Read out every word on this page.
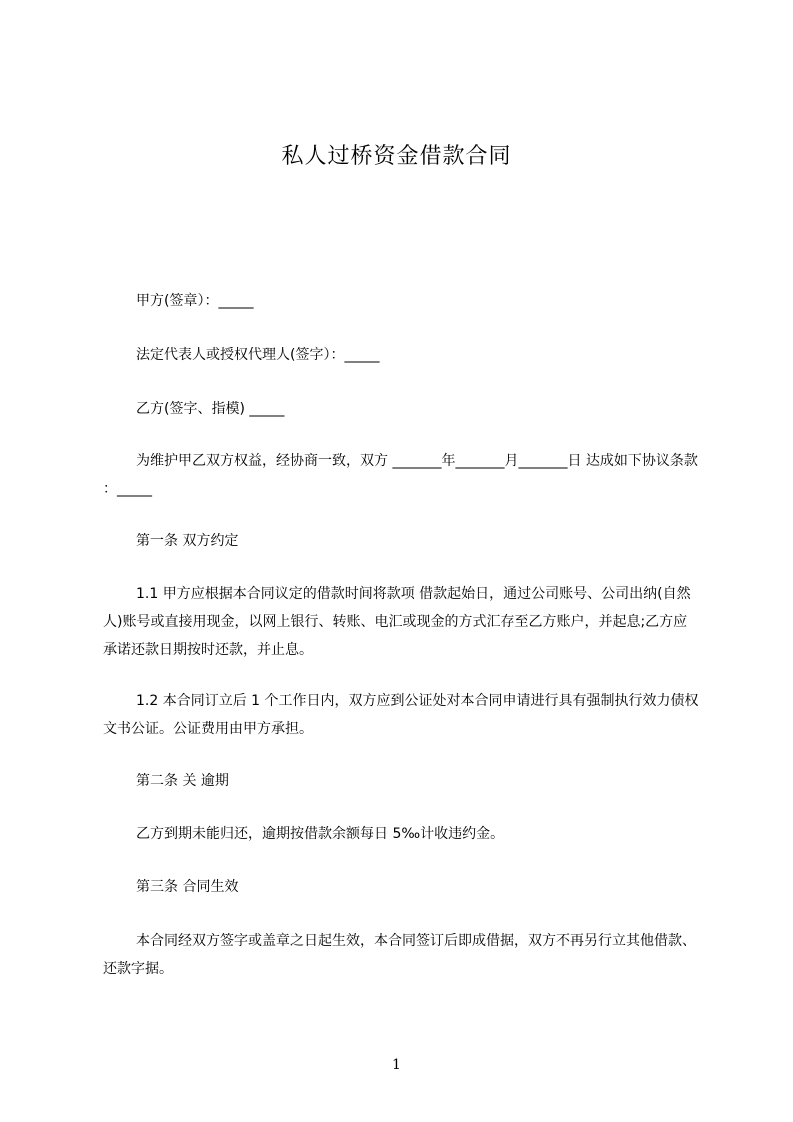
私人过桥资金借款合同
甲方(签章）：_____
法定代表人或授权代理人(签字）：_____
乙方(签字、指模) _____
为维护甲乙双方权益，经协商一致，双方 _______年_______月_______日 达成如下协议条款 ：_____
第一条 双方约定
1.1 甲方应根据本合同议定的借款时间将款项 借款起始日，通过公司账号、公司出纳(自然人)账号或直接用现金，以网上银行、转账、电汇或现金的方式汇存至乙方账户，并起息;乙方应 承诺还款日期按时还款，并止息。
1.2 本合同订立后 1 个工作日内，双方应到公证处对本合同申请进行具有强制执行效力债权文书公证。公证费用由甲方承担。
第二条 关 逾期
乙方到期未能归还，逾期按借款余额每日 5‰计收违约金。
第三条 合同生效
本合同经双方签字或盖章之日起生效，本合同签订后即成借据，双方不再另行立其他借款、还款字据。
1
